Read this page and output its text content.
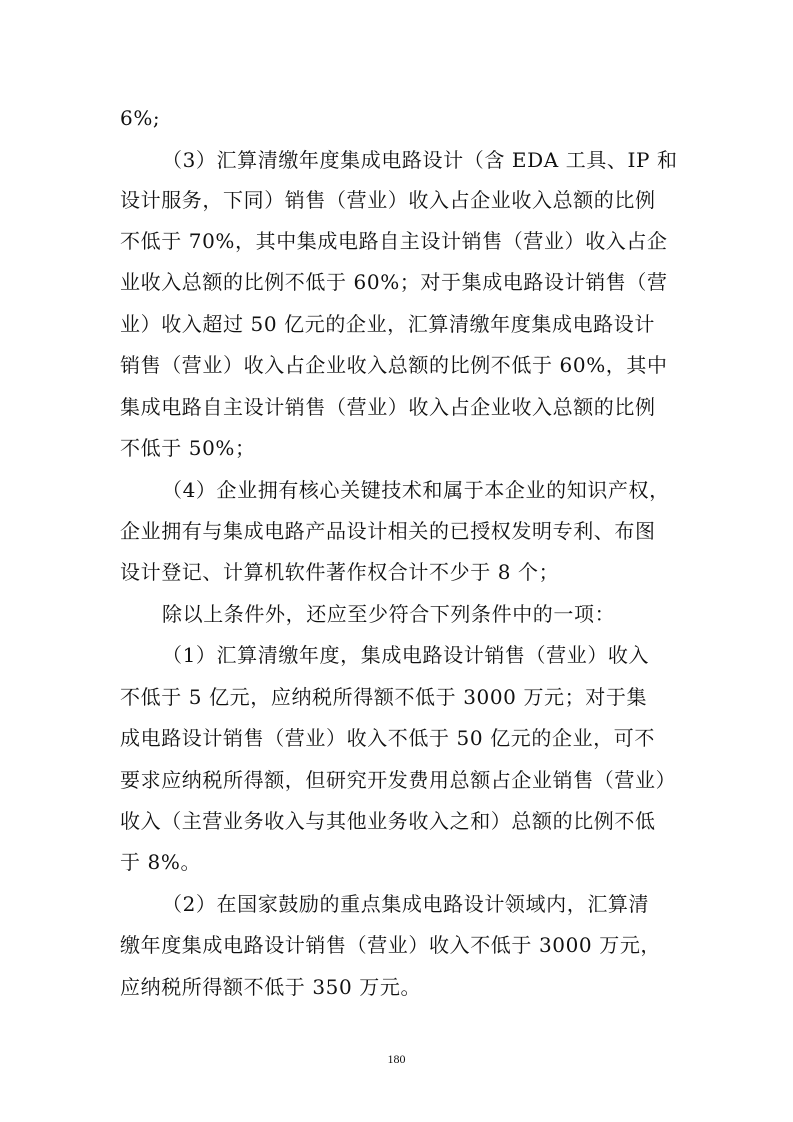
6%;
（3）汇算清缴年度集成电路设计（含 EDA 工具、IP 和
设计服务，下同）销售（营业）收入占企业收入总额的比例
不低于 70%，其中集成电路自主设计销售（营业）收入占企
业收入总额的比例不低于 60%；对于集成电路设计销售（营
业）收入超过 50 亿元的企业，汇算清缴年度集成电路设计
销售（营业）收入占企业收入总额的比例不低于 60%，其中
集成电路自主设计销售（营业）收入占企业收入总额的比例
不低于 50%；
（4）企业拥有核心关键技术和属于本企业的知识产权，
企业拥有与集成电路产品设计相关的已授权发明专利、布图
设计登记、计算机软件著作权合计不少于 8 个；
除以上条件外，还应至少符合下列条件中的一项：
（1）汇算清缴年度，集成电路设计销售（营业）收入
不低于 5 亿元，应纳税所得额不低于 3000 万元；对于集
成电路设计销售（营业）收入不低于 50 亿元的企业，可不
要求应纳税所得额，但研究开发费用总额占企业销售（营业）
收入（主营业务收入与其他业务收入之和）总额的比例不低
于 8%。
（2）在国家鼓励的重点集成电路设计领域内，汇算清
缴年度集成电路设计销售（营业）收入不低于 3000 万元，
应纳税所得额不低于 350 万元。
180
